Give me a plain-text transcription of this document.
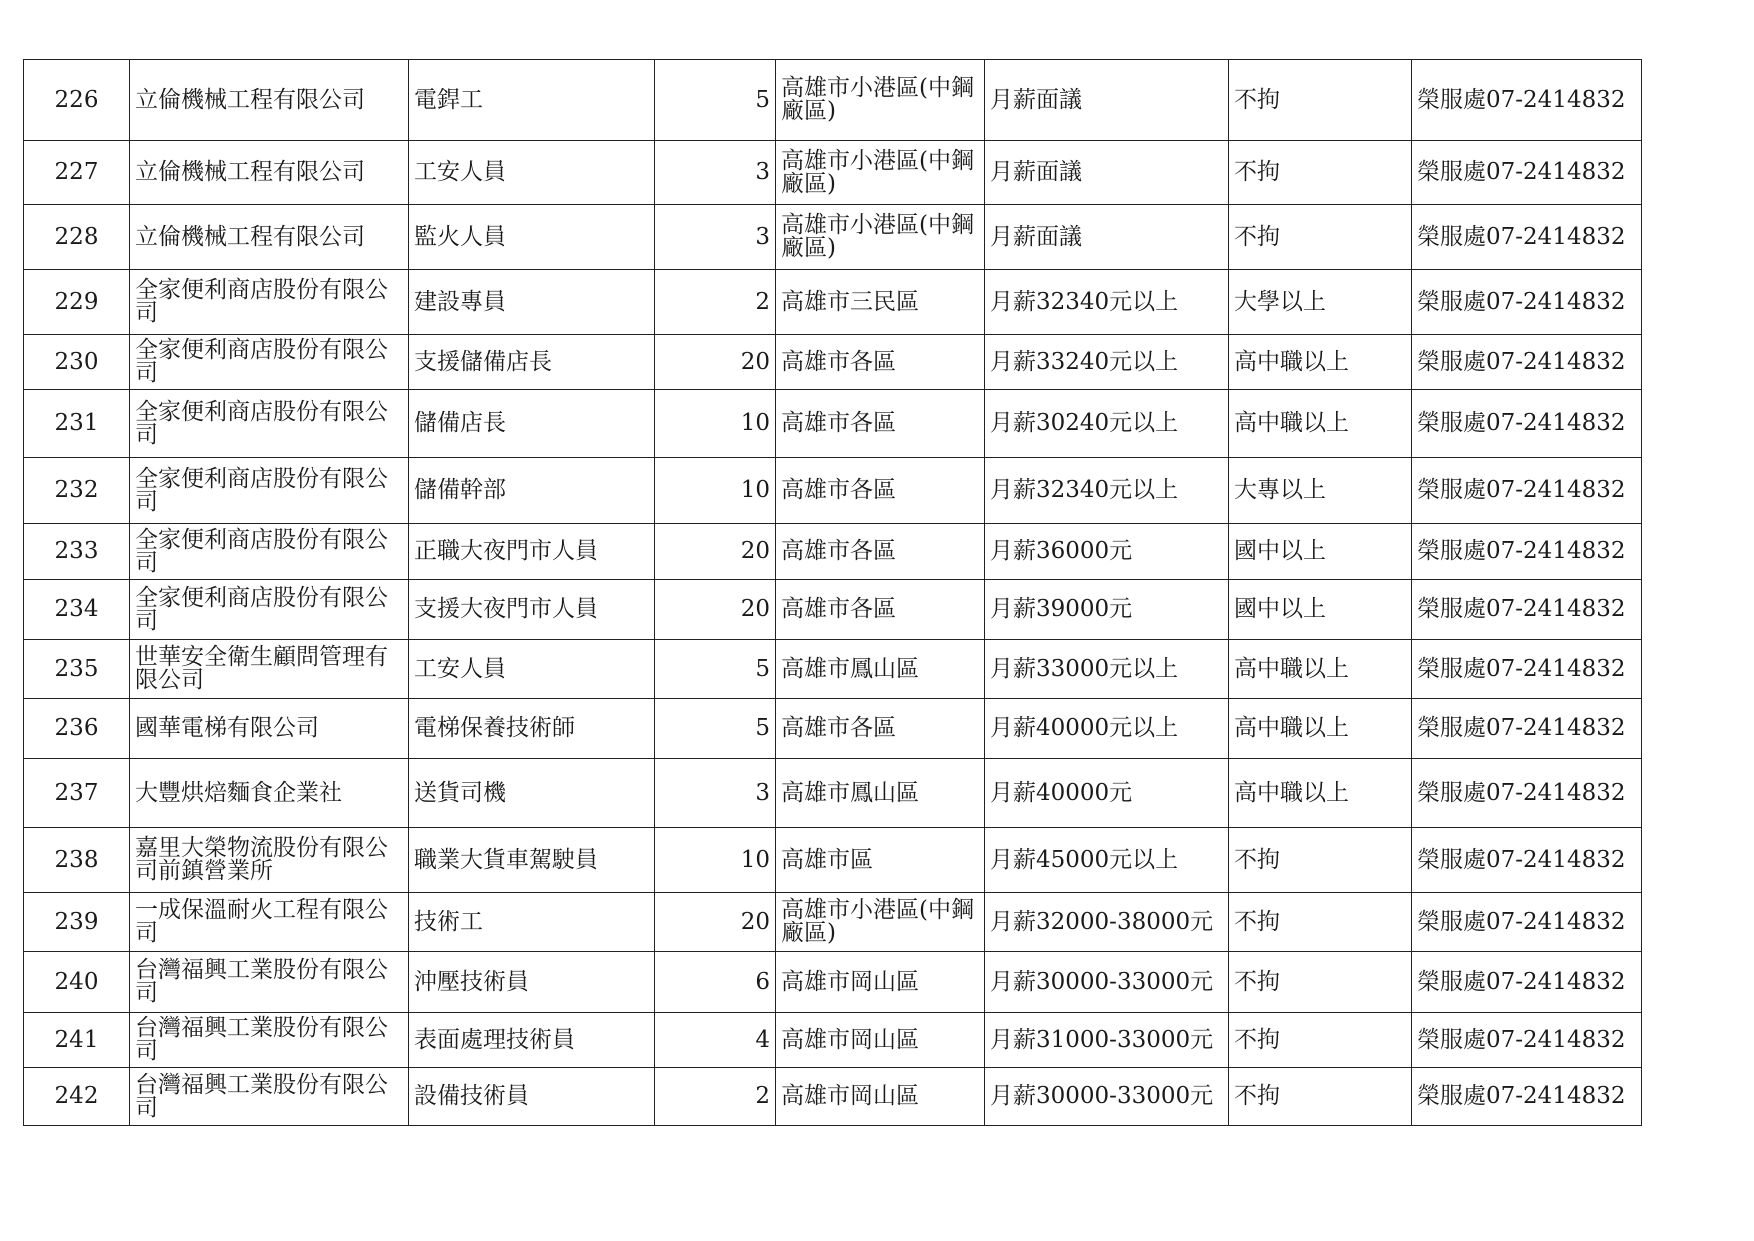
226	立倫機械工程有限公司	電銲工	5	高雄市小港區(中鋼廠區)	月薪面議	不拘	榮服處07-2414832
227	立倫機械工程有限公司	工安人員	3	高雄市小港區(中鋼廠區)	月薪面議	不拘	榮服處07-2414832
228	立倫機械工程有限公司	監火人員	3	高雄市小港區(中鋼廠區)	月薪面議	不拘	榮服處07-2414832
229	全家便利商店股份有限公司	建設專員	2	高雄市三民區	月薪32340元以上	大學以上	榮服處07-2414832
230	全家便利商店股份有限公司	支援儲備店長	20	高雄市各區	月薪33240元以上	高中職以上	榮服處07-2414832
231	全家便利商店股份有限公司	儲備店長	10	高雄市各區	月薪30240元以上	高中職以上	榮服處07-2414832
232	全家便利商店股份有限公司	儲備幹部	10	高雄市各區	月薪32340元以上	大專以上	榮服處07-2414832
233	全家便利商店股份有限公司	正職大夜門市人員	20	高雄市各區	月薪36000元	國中以上	榮服處07-2414832
234	全家便利商店股份有限公司	支援大夜門市人員	20	高雄市各區	月薪39000元	國中以上	榮服處07-2414832
235	世華安全衛生顧問管理有限公司	工安人員	5	高雄市鳳山區	月薪33000元以上	高中職以上	榮服處07-2414832
236	國華電梯有限公司	電梯保養技術師	5	高雄市各區	月薪40000元以上	高中職以上	榮服處07-2414832
237	大豐烘焙麵食企業社	送貨司機	3	高雄市鳳山區	月薪40000元	高中職以上	榮服處07-2414832
238	嘉里大榮物流股份有限公司前鎮營業所	職業大貨車駕駛員	10	高雄市區	月薪45000元以上	不拘	榮服處07-2414832
239	一成保溫耐火工程有限公司	技術工	20	高雄市小港區(中鋼廠區)	月薪32000-38000元	不拘	榮服處07-2414832
240	台灣福興工業股份有限公司	沖壓技術員	6	高雄市岡山區	月薪30000-33000元	不拘	榮服處07-2414832
241	台灣福興工業股份有限公司	表面處理技術員	4	高雄市岡山區	月薪31000-33000元	不拘	榮服處07-2414832
242	台灣福興工業股份有限公司	設備技術員	2	高雄市岡山區	月薪30000-33000元	不拘	榮服處07-2414832
